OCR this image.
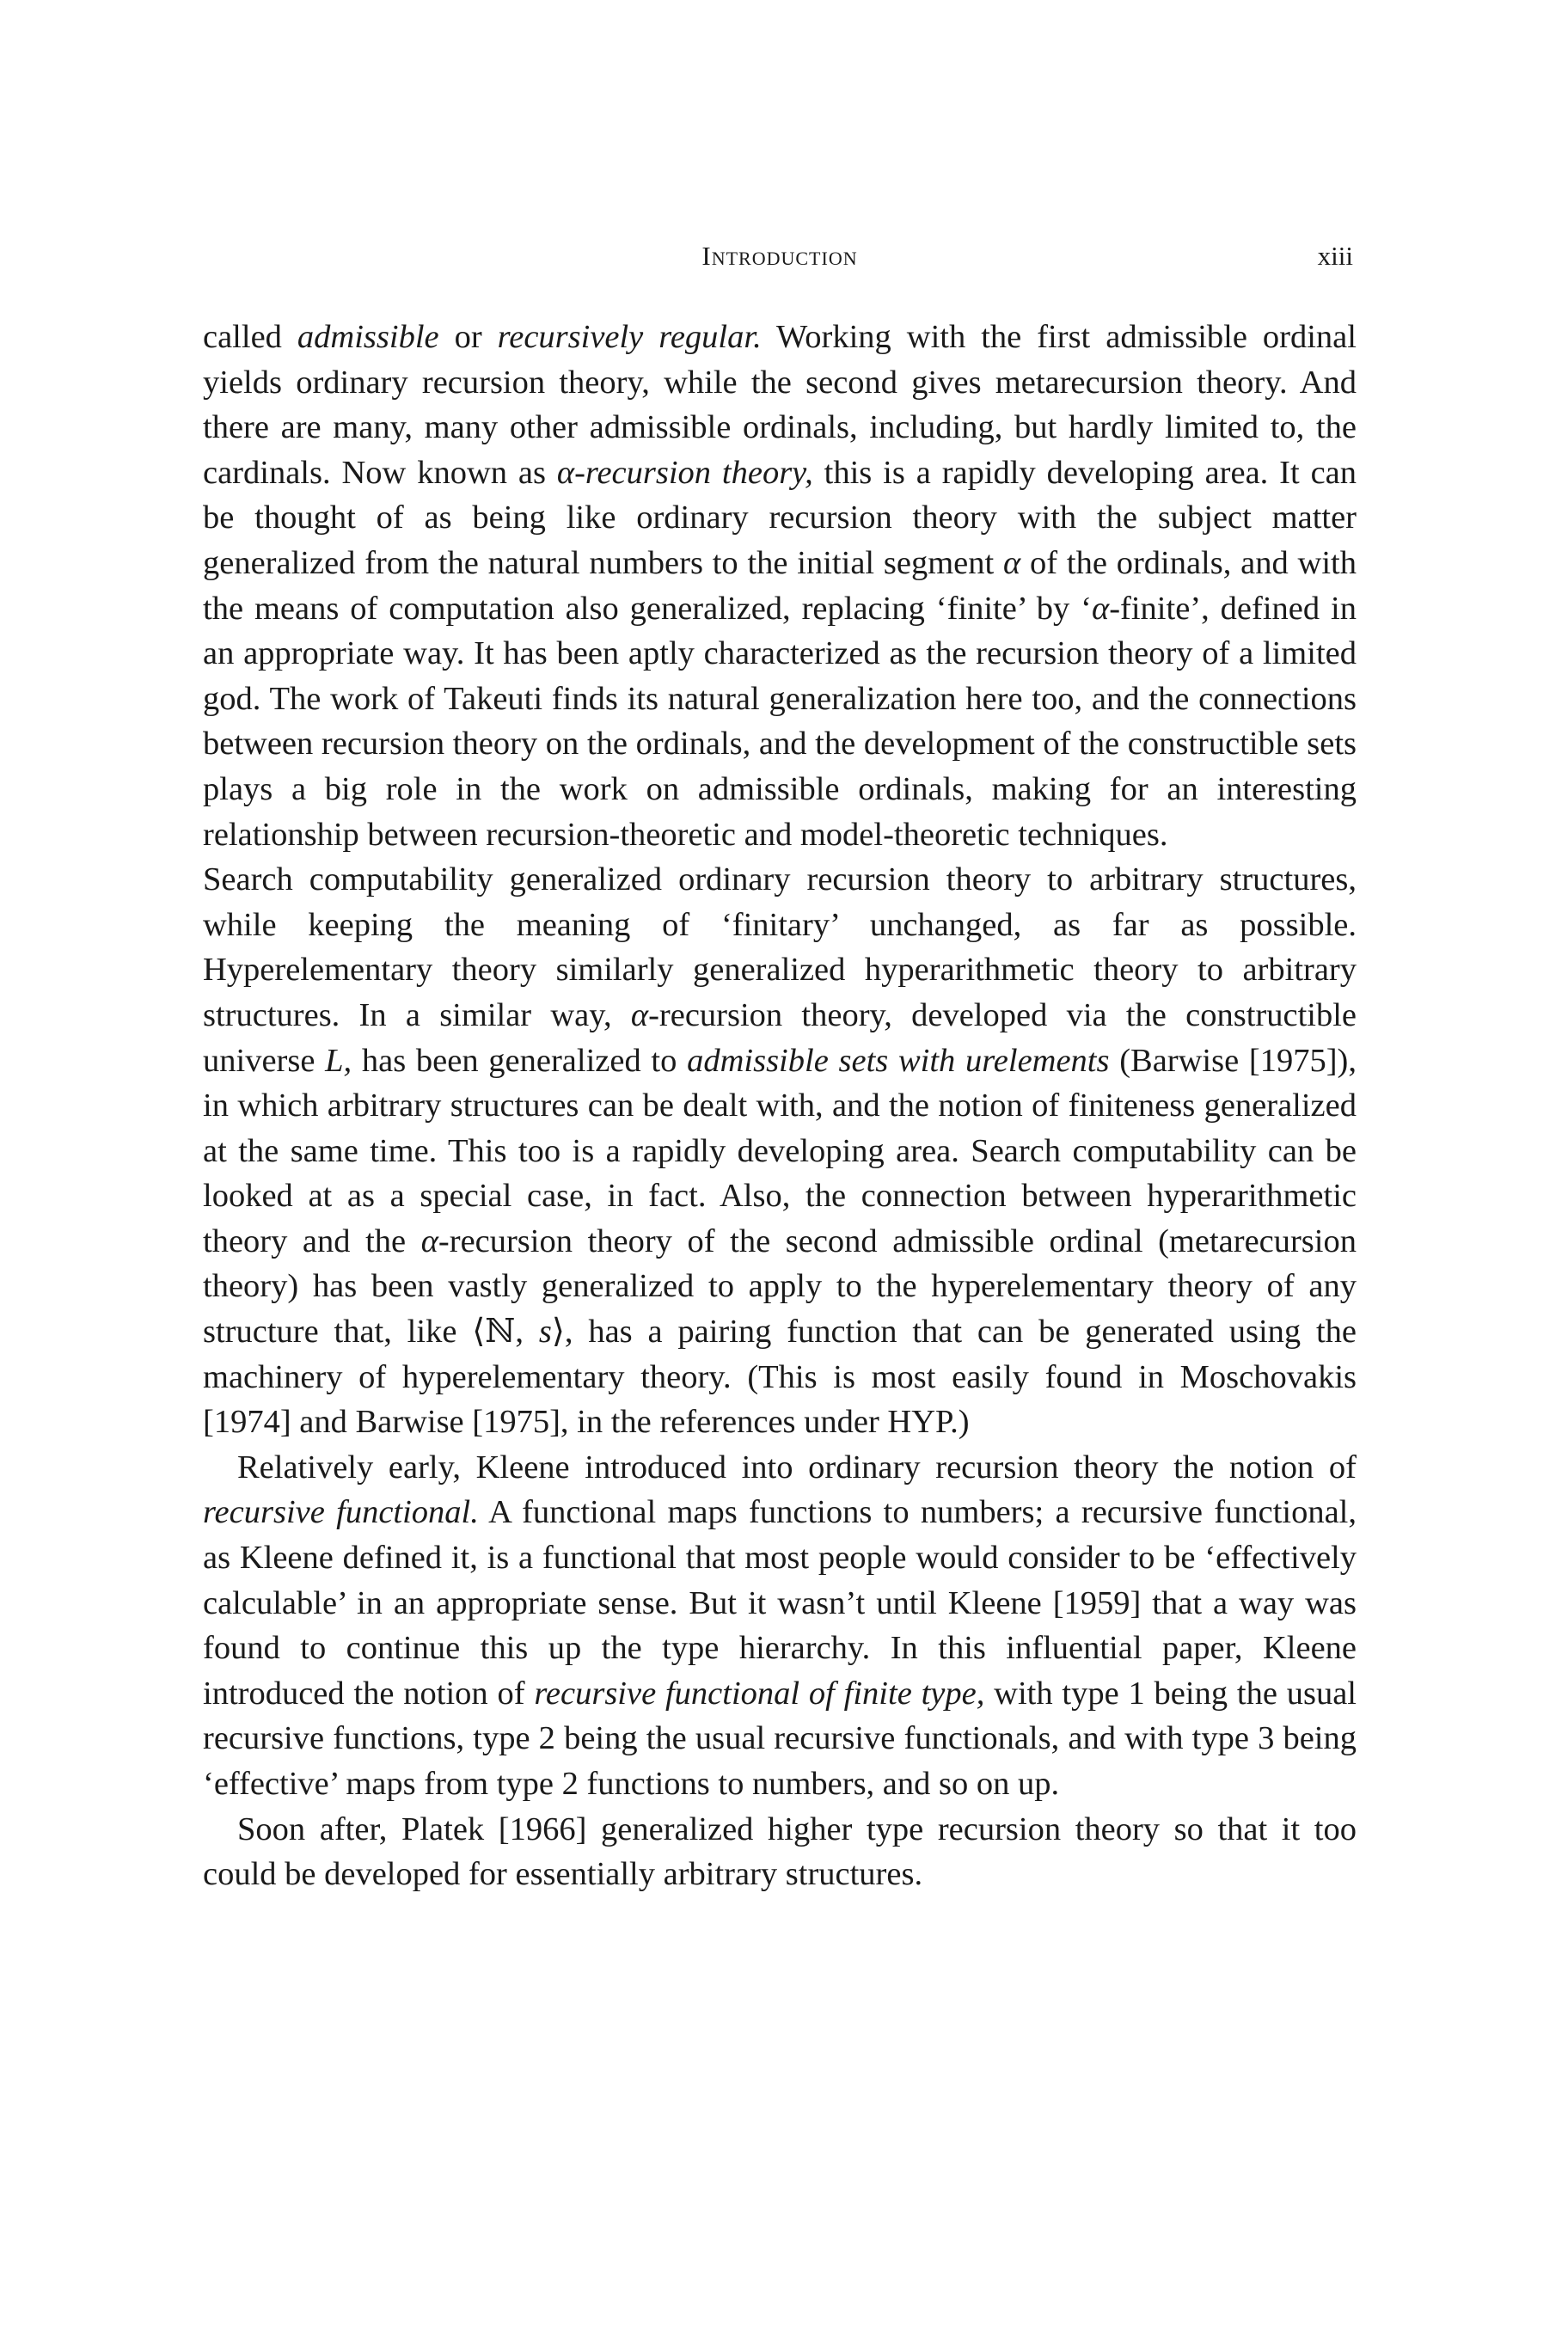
Introduction	xiii

called admissible or recursively regular. Working with the first admissible ordinal yields ordinary recursion theory, while the second gives metarecursion theory. And there are many, many other admissible ordinals, including, but hardly limited to, the cardinals. Now known as α-recursion theory, this is a rapidly developing area. It can be thought of as being like ordinary recursion theory with the subject matter generalized from the natural numbers to the initial segment α of the ordinals, and with the means of computation also generalized, replacing ‘finite’ by ‘α-finite’, defined in an appropriate way. It has been aptly characterized as the recursion theory of a limited god. The work of Takeuti finds its natural generalization here too, and the connections between recursion theory on the ordinals, and the development of the constructible sets plays a big role in the work on admissible ordinals, making for an interesting relationship between recursion-theoretic and model-theoretic techniques.

Search computability generalized ordinary recursion theory to arbitrary structures, while keeping the meaning of ‘finitary’ unchanged, as far as possible. Hyperelementary theory similarly generalized hyperarithmetic theory to arbitrary structures. In a similar way, α-recursion theory, developed via the constructible universe L, has been generalized to admissible sets with urelements (Barwise [1975]), in which arbitrary structures can be dealt with, and the notion of finiteness generalized at the same time. This too is a rapidly developing area. Search computability can be looked at as a special case, in fact. Also, the connection between hyperarithmetic theory and the α-recursion theory of the second admissible ordinal (metarecursion theory) has been vastly generalized to apply to the hyperelementary theory of any structure that, like ⟨ℕ, s⟩, has a pairing function that can be generated using the machinery of hyperelementary theory. (This is most easily found in Moschovakis [1974] and Barwise [1975], in the references under HYP.)

Relatively early, Kleene introduced into ordinary recursion theory the notion of recursive functional. A functional maps functions to numbers; a recursive functional, as Kleene defined it, is a functional that most people would consider to be ‘effectively calculable’ in an appropriate sense. But it wasn’t until Kleene [1959] that a way was found to continue this up the type hierarchy. In this influential paper, Kleene introduced the notion of recursive functional of finite type, with type 1 being the usual recursive functions, type 2 being the usual recursive functionals, and with type 3 being ‘effective’ maps from type 2 functions to numbers, and so on up.

Soon after, Platek [1966] generalized higher type recursion theory so that it too could be developed for essentially arbitrary structures.
